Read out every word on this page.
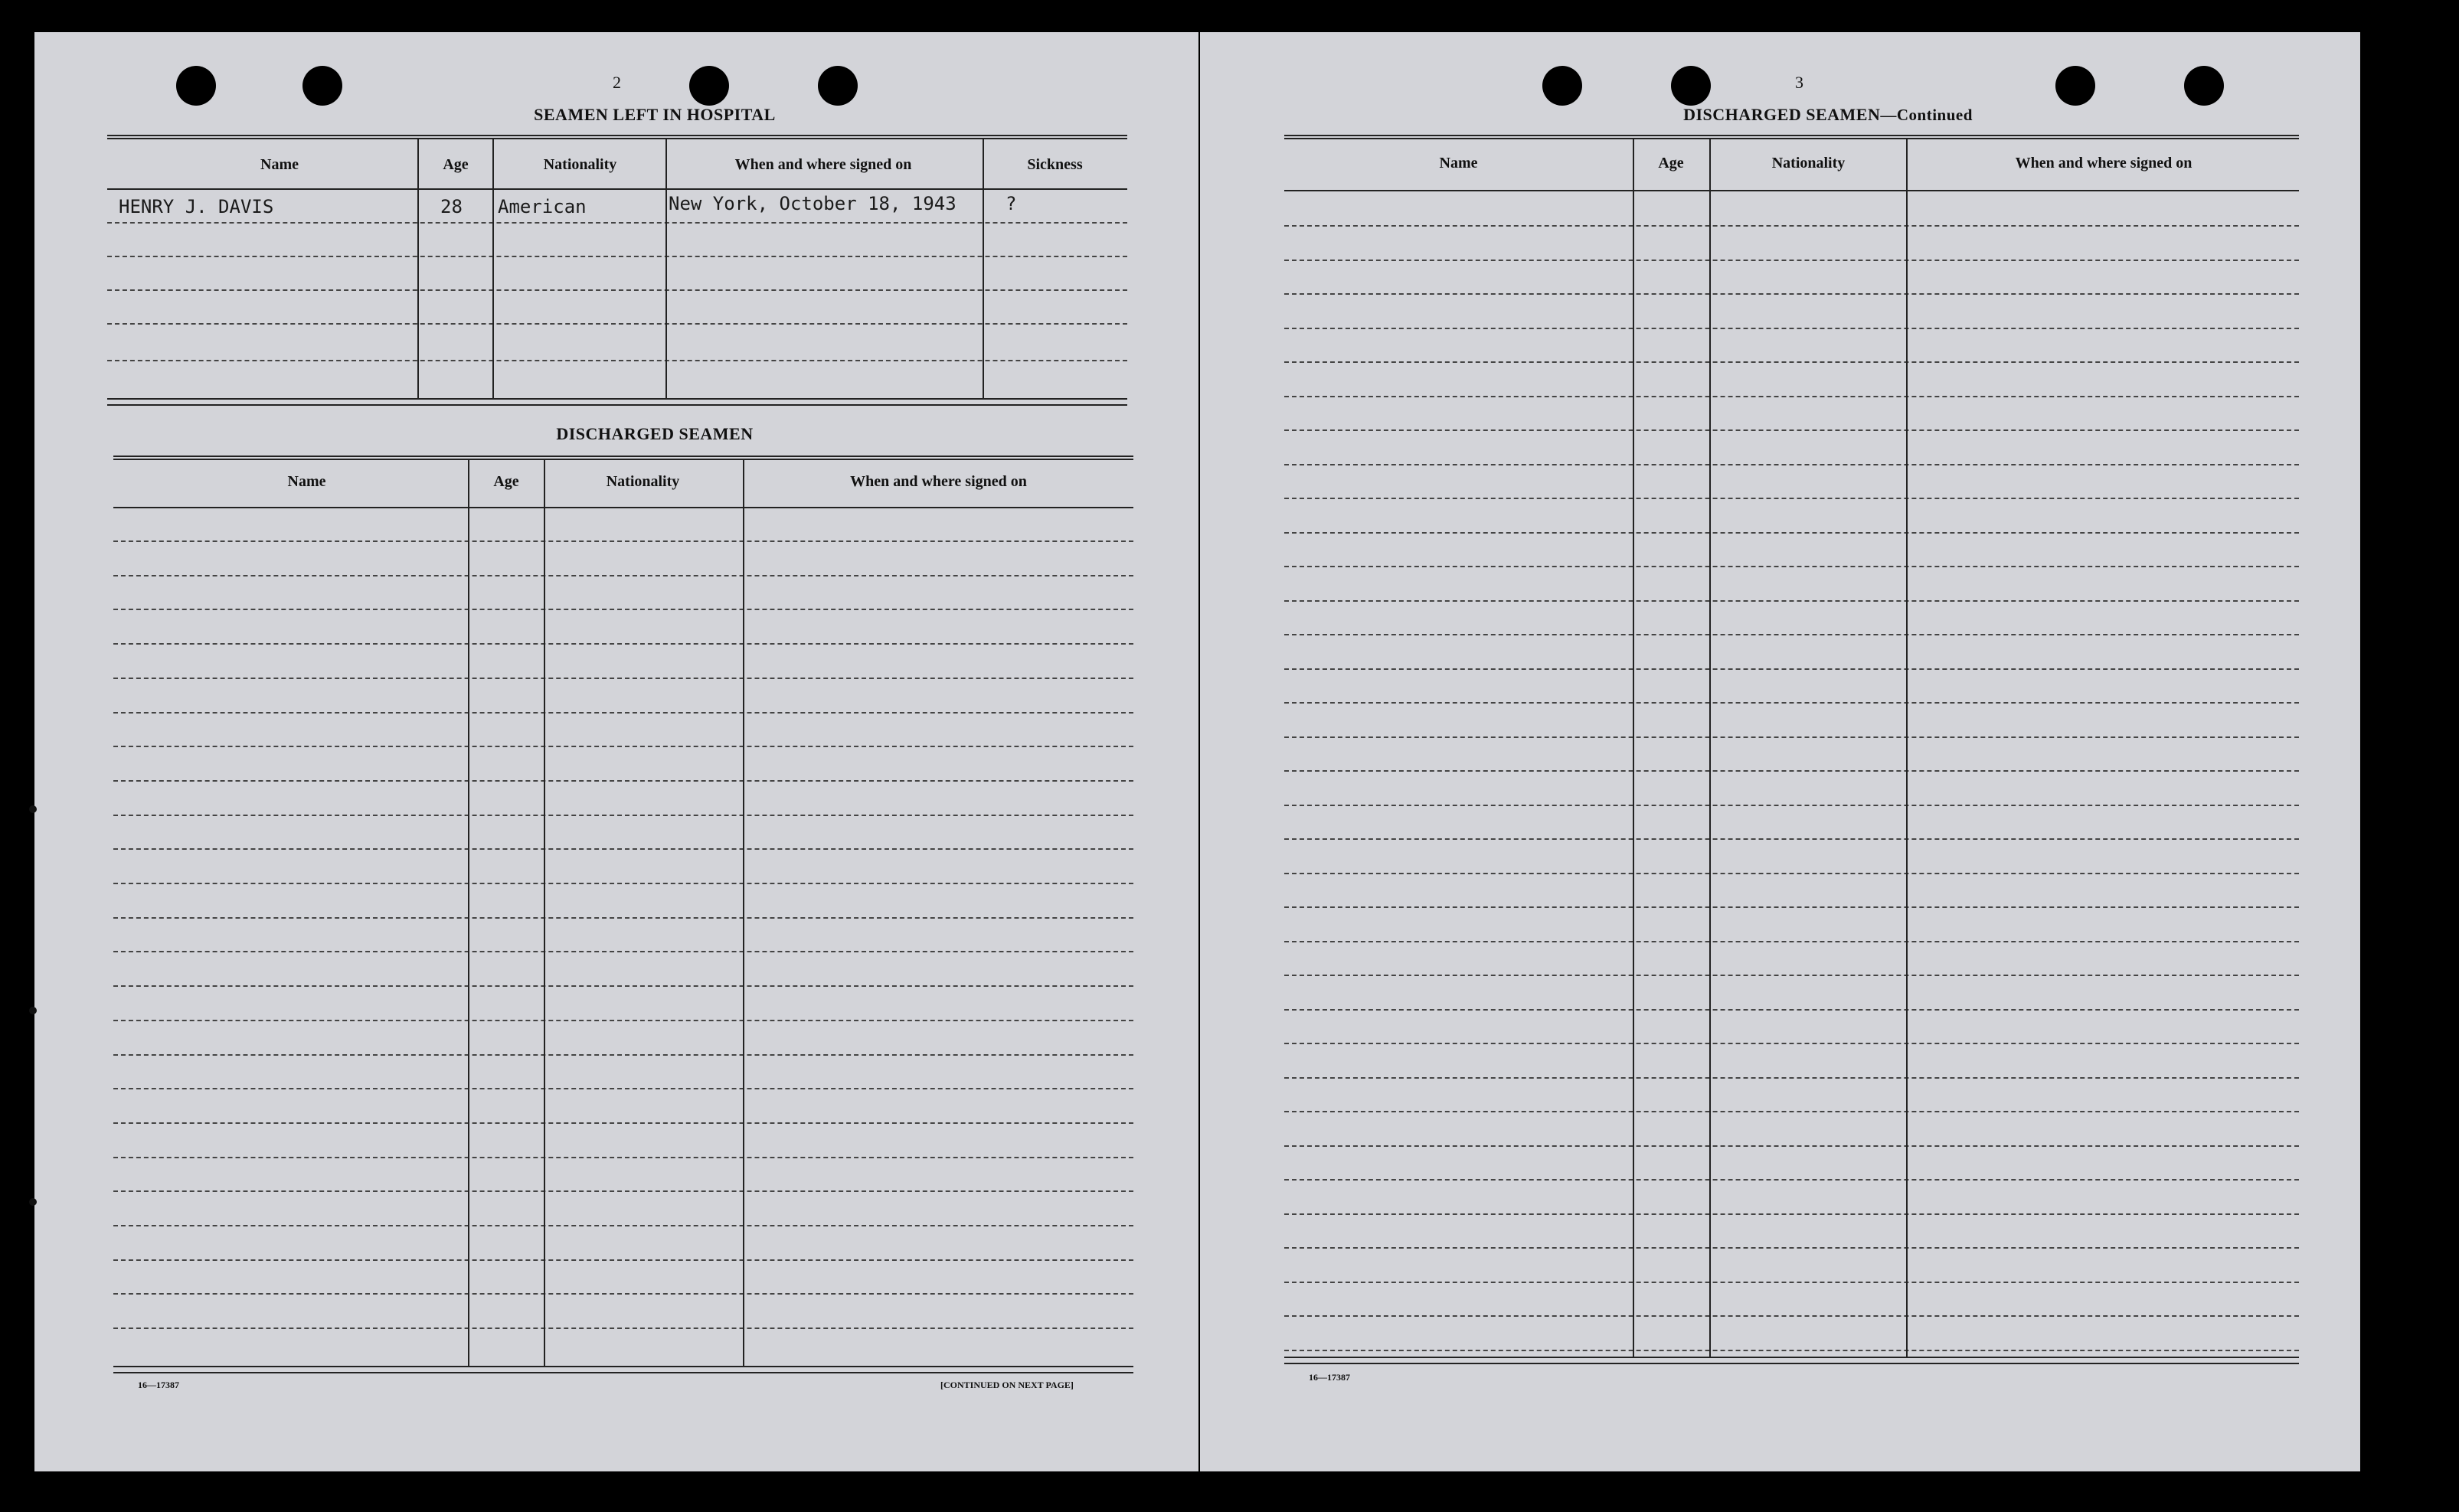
2
SEAMEN LEFT IN HOSPITAL
Name	Age	Nationality	When and where signed on	Sickness
HENRY J. DAVIS	28 American	New York, October 18, 1943	?
DISCHARGED SEAMEN
Name	Age	Nationality	When and where signed on
16—17387	[CONTINUED ON NEXT PAGE]
3
DISCHARGED SEAMEN—Continued
Name	Age	Nationality	When and where signed on
16—17387
